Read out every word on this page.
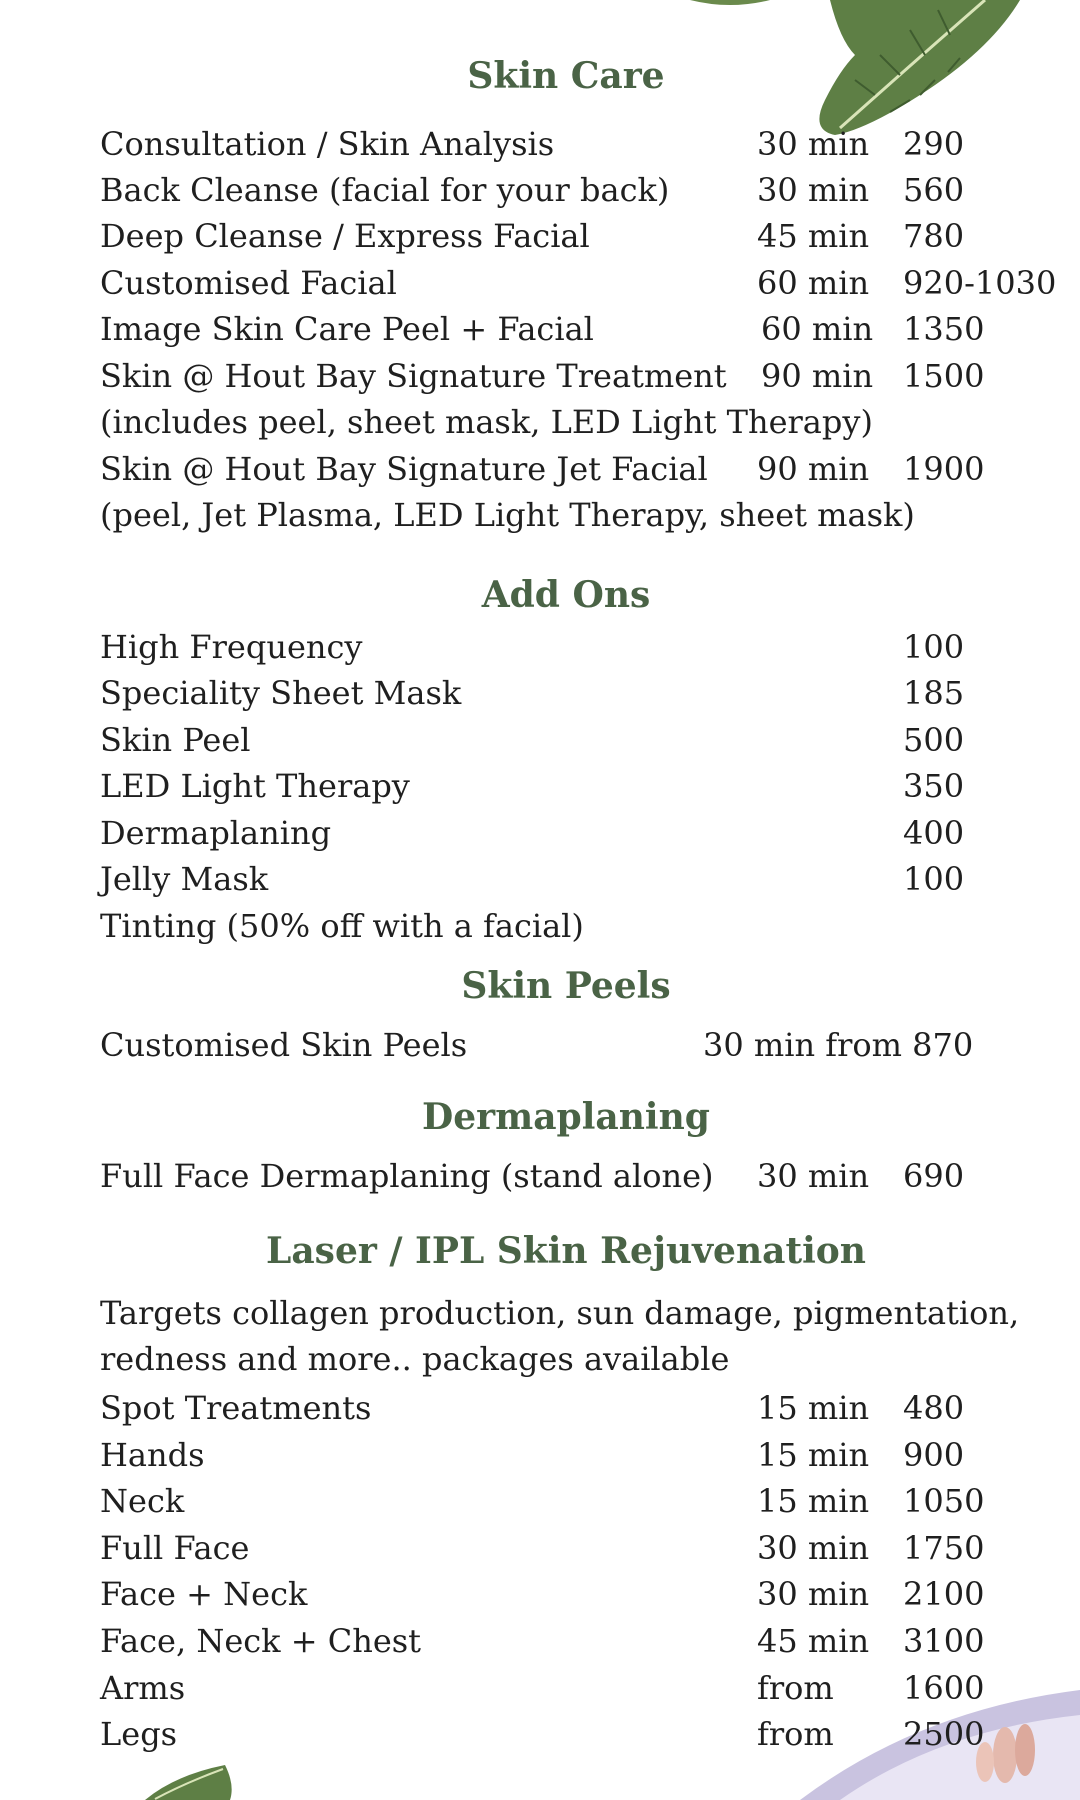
Skin Care
Consultation / Skin Analysis	30 min 290
Back Cleanse (facial for your back)	30 min 560
Deep Cleanse / Express Facial	45 min 780
Customised Facial	60 min 920-1030
Image Skin Care Peel + Facial	60 min 1350
Skin @ Hout Bay Signature Treatment 90 min 1500
(includes peel, sheet mask, LED Light Therapy)
Skin @ Hout Bay Signature Jet Facial 90 min 1900
(peel, Jet Plasma, LED Light Therapy, sheet mask)
Add Ons
High Frequency	100
Speciality Sheet Mask	185
Skin Peel	500
LED Light Therapy	350
Dermaplaning	400
Jelly Mask	100
Tinting (50% off with a facial)
Skin Peels
Customised Skin Peels	30 min from 870
Dermaplaning
Full Face Dermaplaning (stand alone) 30 min 690
Laser / IPL Skin Rejuvenation
Targets collagen production, sun damage, pigmentation,
redness and more.. packages available
Spot Treatments	15 min 480
Hands	15 min 900
Neck	15 min 1050
Full Face	30 min 1750
Face + Neck	30 min 2100
Face, Neck + Chest	45 min 3100
Arms	from 1600
Legs	from 2500
